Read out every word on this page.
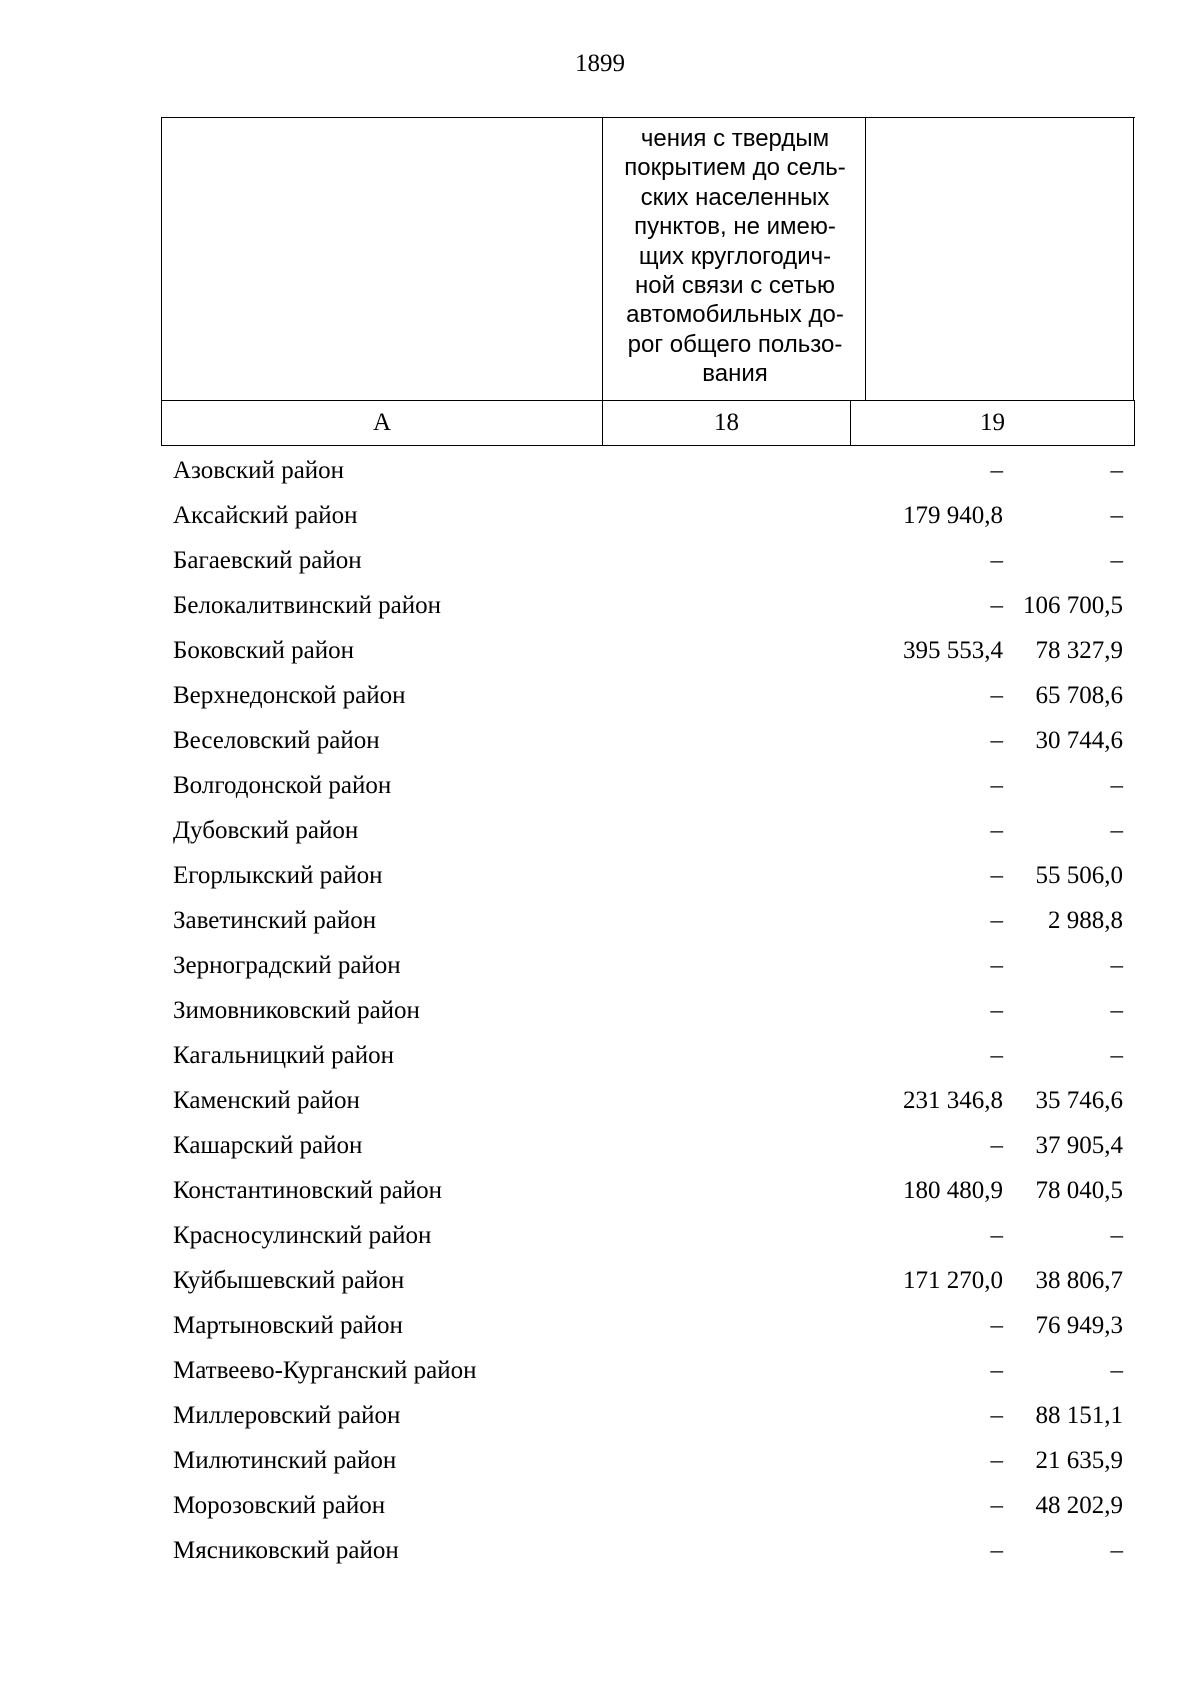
1899
чения с твердым
покрытием до сель-
ских населенных
пунктов, не имею-
щих круглогодич-
ной связи с сетью
автомобильных до-
рог общего пользо-
вания
А	18	19
Азовский район	–	–
Аксайский район	179 940,8	–
Багаевский район	–	–
Белокалитвинский район	– 106 700,5
Боковский район	395 553,4	78 327,9
Верхнедонской район	–	65 708,6
Веселовский район	–	30 744,6
Волгодонской район	–	–
Дубовский район	–	–
Егорлыкский район	–	55 506,0
Заветинский район	–	2 988,8
Зерноградский район	–	–
Зимовниковский район	–	–
Кагальницкий район	–	–
Каменский район	231 346,8	35 746,6
Кашарский район	–	37 905,4
Константиновский район	180 480,9	78 040,5
Красносулинский район	–	–
Куйбышевский район	171 270,0	38 806,7
Мартыновский район	–	76 949,3
Матвеево-Курганский район	–	–
Миллеровский район	–	88 151,1
Милютинский район	–	21 635,9
Морозовский район	–	48 202,9
Мясниковский район	–	–
